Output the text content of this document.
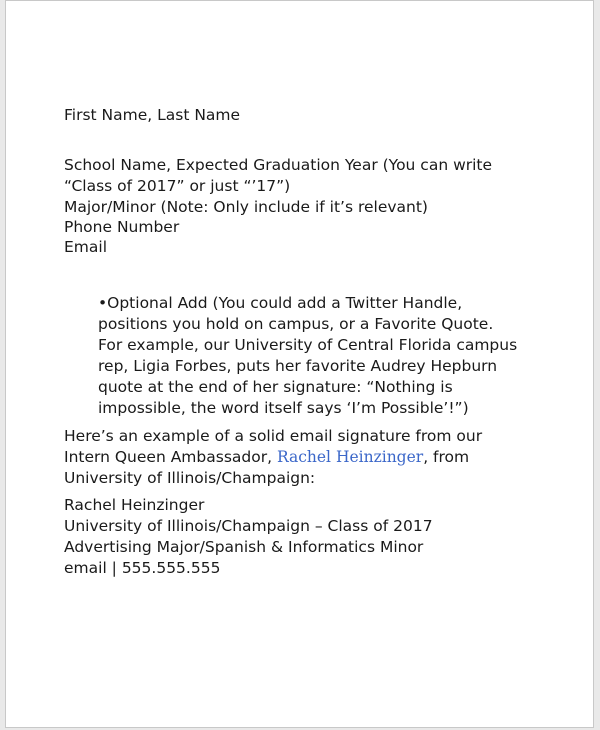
First Name, Last Name
School Name, Expected Graduation Year (You can write
“Class of 2017” or just “’17”)
Major/Minor (Note: Only include if it’s relevant)
Phone Number
Email
•Optional Add (You could add a Twitter Handle,
positions you hold on campus, or a Favorite Quote.
For example, our University of Central Florida campus
rep, Ligia Forbes, puts her favorite Audrey Hepburn
quote at the end of her signature: “Nothing is
impossible, the word itself says ‘I’m Possible’!”)
Here’s an example of a solid email signature from our
Intern Queen Ambassador, Rachel Heinzinger, from
University of Illinois/Champaign:
Rachel Heinzinger
University of Illinois/Champaign – Class of 2017
Advertising Major/Spanish & Informatics Minor
email | 555.555.555
